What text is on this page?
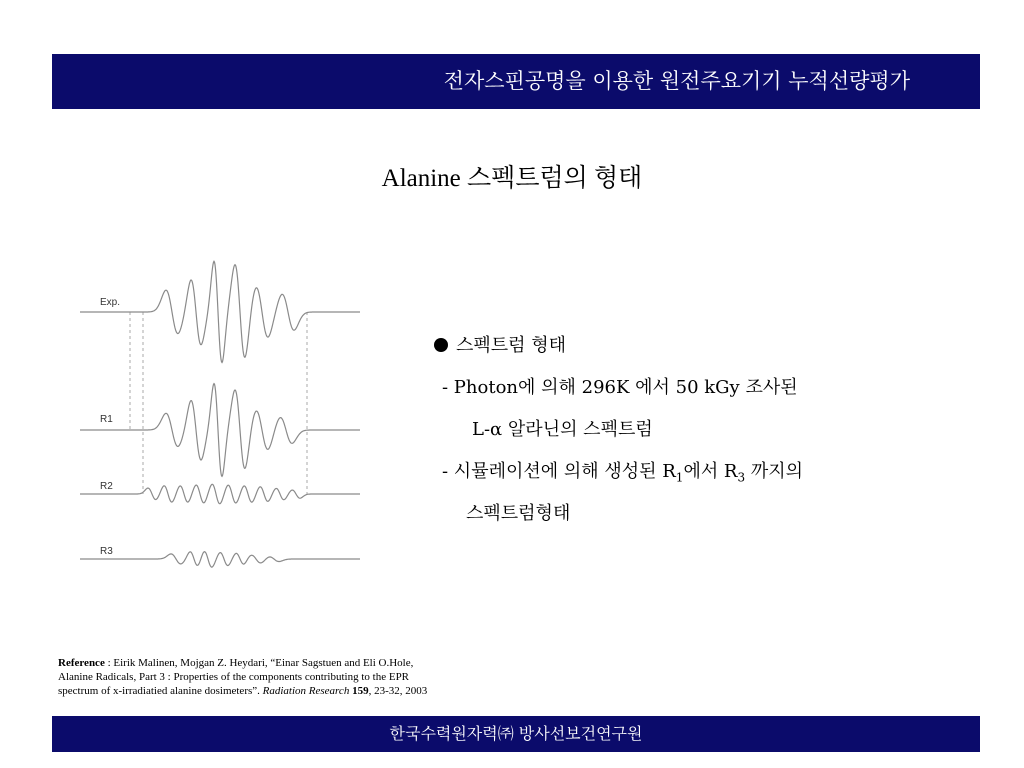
전자스핀공명을 이용한 원전주요기기 누적선량평가
Alanine 스펙트럼의 형태
Exp.
R1
R2
R3
스펙트럼 형태
- Photon에 의해 296K 에서 50 kGy 조사된
L-α 알라닌의 스펙트럼
- 시뮬레이션에 의해 생성된 $R_1$에서 $R_3$ 까지의
스펙트럼형태
Reference : Eirik Malinen, Mojgan Z. Heydari, “Einar Sagstuen and Eli O.Hole,
Alanine Radicals, Part 3 : Properties of the components contributing to the EPR
spectrum of x-irradiatied alanine dosimeters”. Radiation Research 159, 23-32, 2003
한국수력원자력㈜ 방사선보건연구원
